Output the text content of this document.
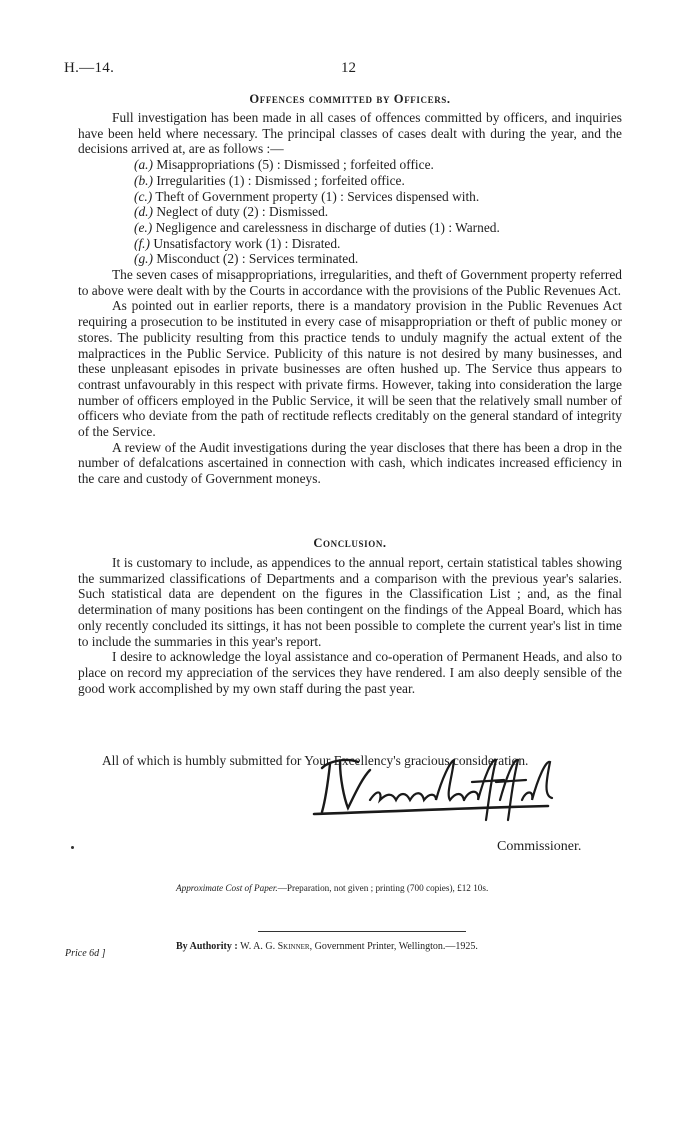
H.—14.	12
Offences committed by Officers.

Full investigation has been made in all cases of offences committed by officers, and inquiries have been held where necessary. The principal classes of cases dealt with during the year, and the decisions arrived at, are as follows :—

(a.) Misappropriations (5) : Dismissed ; forfeited office.
(b.) Irregularities (1) : Dismissed ; forfeited office.
(c.) Theft of Government property (1) : Services dispensed with.
(d.) Neglect of duty (2) : Dismissed.
(e.) Negligence and carelessness in discharge of duties (1) : Warned.
(f.) Unsatisfactory work (1) : Disrated.
(g.) Misconduct (2) : Services terminated.

The seven cases of misappropriations, irregularities, and theft of Government property referred to above were dealt with by the Courts in accordance with the provisions of the Public Revenues Act.

As pointed out in earlier reports, there is a mandatory provision in the Public Revenues Act requiring a prosecution to be instituted in every case of misappropriation or theft of public money or stores. The publicity resulting from this practice tends to unduly magnify the actual extent of the malpractices in the Public Service. Publicity of this nature is not desired by many businesses, and these unpleasant episodes in private businesses are often hushed up. The Service thus appears to contrast unfavourably in this respect with private firms. However, taking into consideration the large number of officers employed in the Public Service, it will be seen that the relatively small number of officers who deviate from the path of rectitude reflects creditably on the general standard of integrity of the Service.

A review of the Audit investigations during the year discloses that there has been a drop in the number of defalcations ascertained in connection with cash, which indicates increased efficiency in the care and custody of Government moneys.

Conclusion.

It is customary to include, as appendices to the annual report, certain statistical tables showing the summarized classifications of Departments and a comparison with the previous year's salaries. Such statistical data are dependent on the figures in the Classification List ; and, as the final determination of many positions has been contingent on the findings of the Appeal Board, which has only recently concluded its sittings, it has not been possible to complete the current year's list in time to include the summaries in this year's report.

I desire to acknowledge the loyal assistance and co-operation of Permanent Heads, and also to place on record my appreciation of the services they have rendered. I am also deeply sensible of the good work accomplished by my own staff during the past year.

All of which is humbly submitted for Your Excellency's gracious consideration.

Commissioner.
Approximate Cost of Paper.—Preparation, not given ; printing (700 copies), £12 10s.
Price 6d ]
By Authority : W. A. G. Skinner, Government Printer, Wellington.—1925.
